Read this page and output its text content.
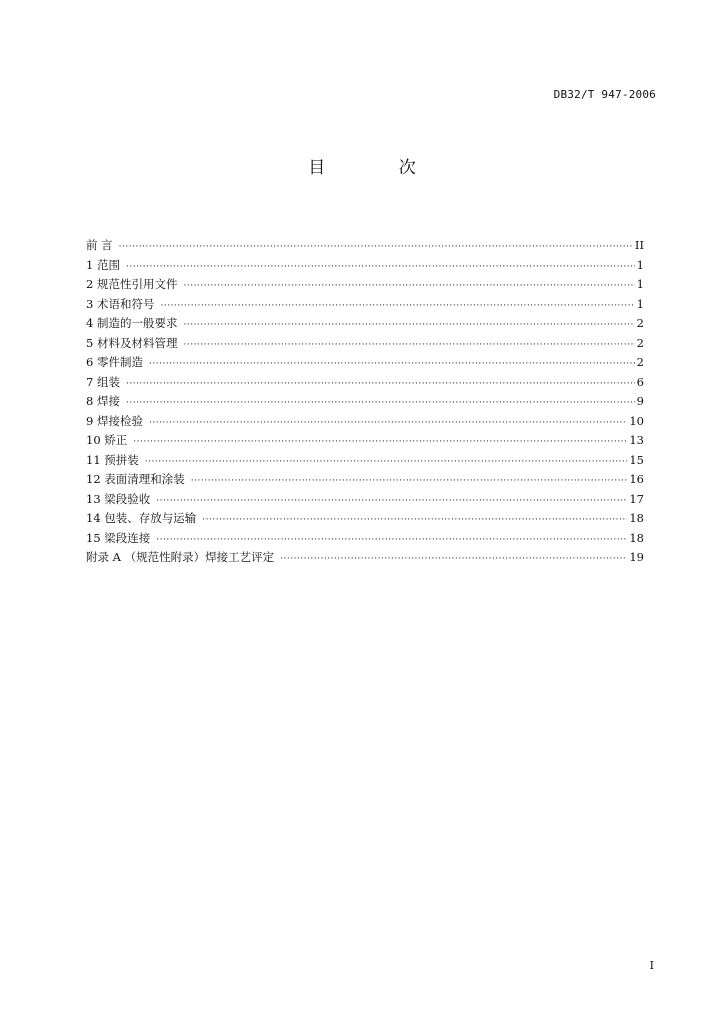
DB32/T 947-2006
目 次
前 言 ·····	II
1 范围 ·····	1
2 规范性引用文件 ·····	1
3 术语和符号 ·····	1
4 制造的一般要求 ·····	2
5 材料及材料管理 ·····	2
6 零件制造 ·····	2
7 组装 ·····	6
8 焊接 ·····	9
9 焊接检验 ·····	10
10 矫正 ·····	13
11 预拼装 ·····	15
12 表面清理和涂装 ·····	16
13 梁段验收 ·····	17
14 包装、存放与运输 ·····	18
15 梁段连接 ·····	18
附录 A （规范性附录）焊接工艺评定 ·····	19
I
